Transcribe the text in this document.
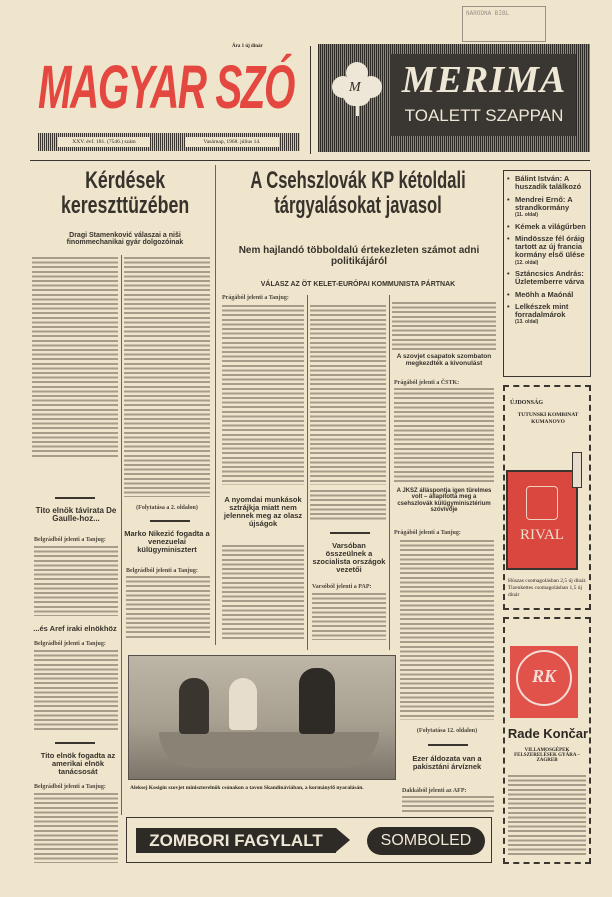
NARODNA BIBL
Ára 1 új dinár
MAGYAR SZÓ
XXV. évf. 181. (7546.) szám	Vasárnap, 1968. július 14.
M MERIMA
TOALETT SZAPPAN
Kérdések kereszttüzében
Dragi Stamenković válaszai a niši finommechanikai gyár dolgozóinak
Tito elnök távirata De Gaulle-hoz...
Belgrádból jelenti a Tanjug:
...és Aref iraki elnökhöz
Belgrádból jelenti a Tanjug:
Tito elnök fogadta az amerikai elnök tanácsosát
Belgrádból jelenti a Tanjug:
(Folytatása a 2. oldalon)
Marko Nikezić fogadta a venezuelai külügyminisztert
Belgrádból jelenti a Tanjug:
A Csehszlovák KP kétoldali tárgyalásokat javasol
Nem hajlandó többoldalú értekezleten számot adni politikájáról
VÁLASZ AZ ÖT KELET-EURÓPAI KOMMUNISTA PÁRTNAK
Prágából jelenti a Tanjug:
A szovjet csapatok szombaton megkezdték a kivonulást
Prágából jelenti a ČSTK:
A nyomdai munkások sztrájkja miatt nem jelennek meg az olasz újságok
Varsóban összeülnek a szocialista országok vezetői
Varsóból jelenti a PAP:
A JKSZ álláspontja igen türelmes volt – állapította meg a csehszlovák külügyminisztérium szóvivője
Prágából jelenti a Tanjug:
Aleksej Kosigin szovjet miniszterelnök csónakon a tavon Skandináviában, a kormányfő nyaralásán.
(Folytatása 12. oldalon)
Ezer áldozata van a pakisztáni árvíznek
Dakkából jelenti az AFP:
ZOMBORI FAGYLALT	SOMBOLED
• Bálint István: A huszadik találkozó
• Mendrei Ernő: A strandkormány
(11. oldal)
• Kémek a világűrben
• Mindössze fél óráig tartott az új francia kormány első ülése
(12. oldal)
• Sztáncsics András: Üzletemberre várva
• Meöhh a Maónál
• Lelkészek mint forradalmárok
(13. oldal)
ÚJDONSÁG
TUTUNSKI KOMBINAT KUMANOVO
RIVAL
Húszas csomagolásban 2,5 új dinár. Tizenkettes csomagolásban 1,5 új dinár
RK
Rade Končar
VILLAMOSGÉPEK FELSZERELÉSEK GYÁRA – ZAGREB
